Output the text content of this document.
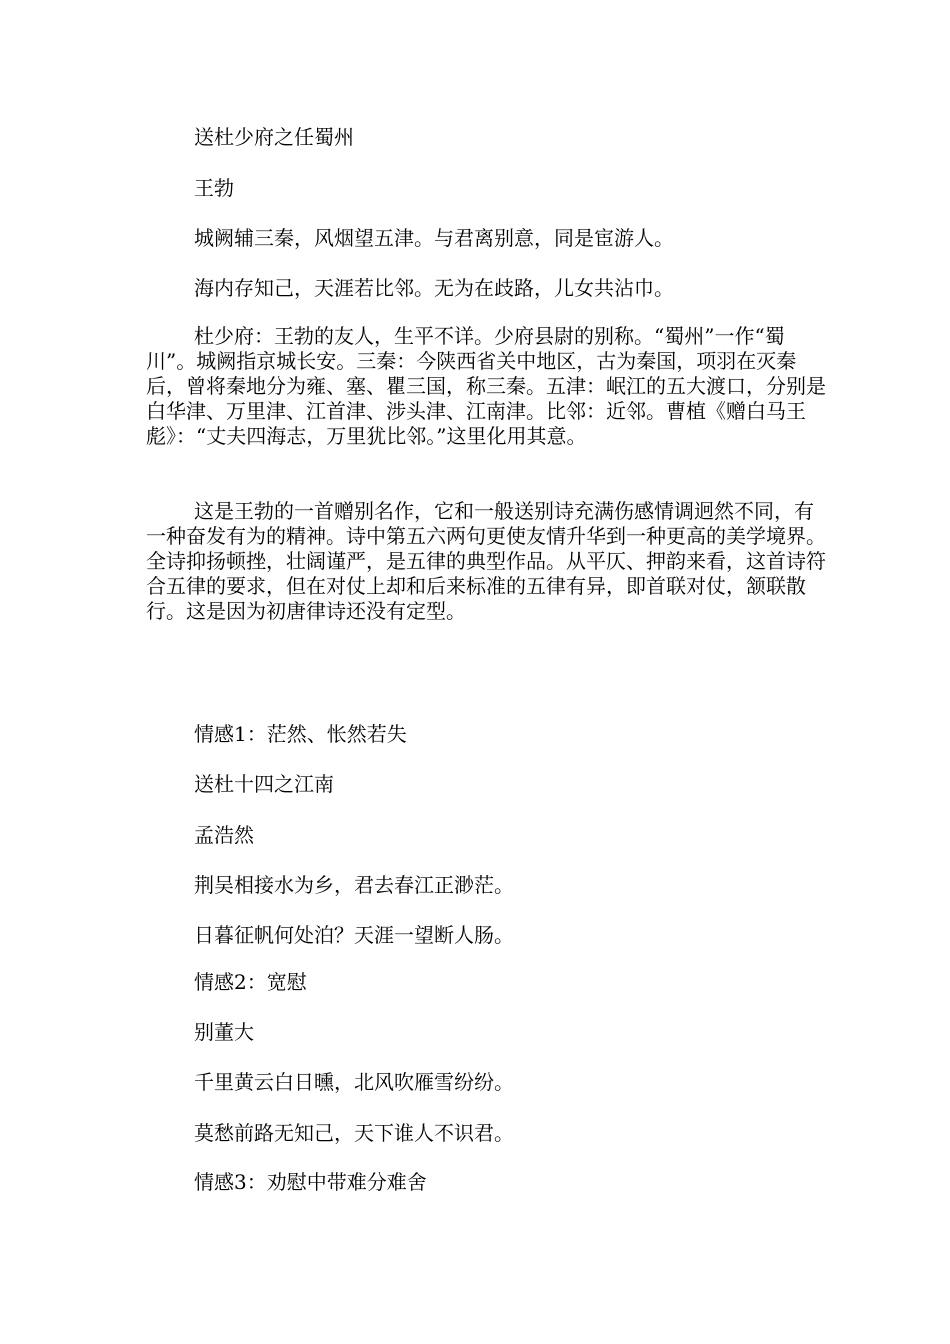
送杜少府之任蜀州

王勃

城阙辅三秦，风烟望五津。与君离别意，同是宦游人。

海内存知己，天涯若比邻。无为在歧路，儿女共沾巾。

杜少府：王勃的友人，生平不详。少府县尉的别称。“蜀州”一作“蜀川”。城阙指京城长安。三秦：今陕西省关中地区，古为秦国，项羽在灭秦后，曾将秦地分为雍、塞、瞿三国，称三秦。五津：岷江的五大渡口，分别是白华津、万里津、江首津、涉头津、江南津。比邻：近邻。曹植《赠白马王彪》：“丈夫四海志，万里犹比邻。”这里化用其意。

这是王勃的一首赠别名作，它和一般送别诗充满伤感情调迥然不同，有一种奋发有为的精神。诗中第五六两句更使友情升华到一种更高的美学境界。全诗抑扬顿挫，壮阔谨严，是五律的典型作品。从平仄、押韵来看，这首诗符合五律的要求，但在对仗上却和后来标准的五律有异，即首联对仗，颔联散行。这是因为初唐律诗还没有定型。

情感1：茫然、怅然若失

送杜十四之江南

孟浩然

荆吴相接水为乡，君去春江正渺茫。

日暮征帆何处泊？天涯一望断人肠。

情感2：宽慰

别董大

千里黄云白日曛，北风吹雁雪纷纷。

莫愁前路无知己，天下谁人不识君。

情感3：劝慰中带难分难舍
